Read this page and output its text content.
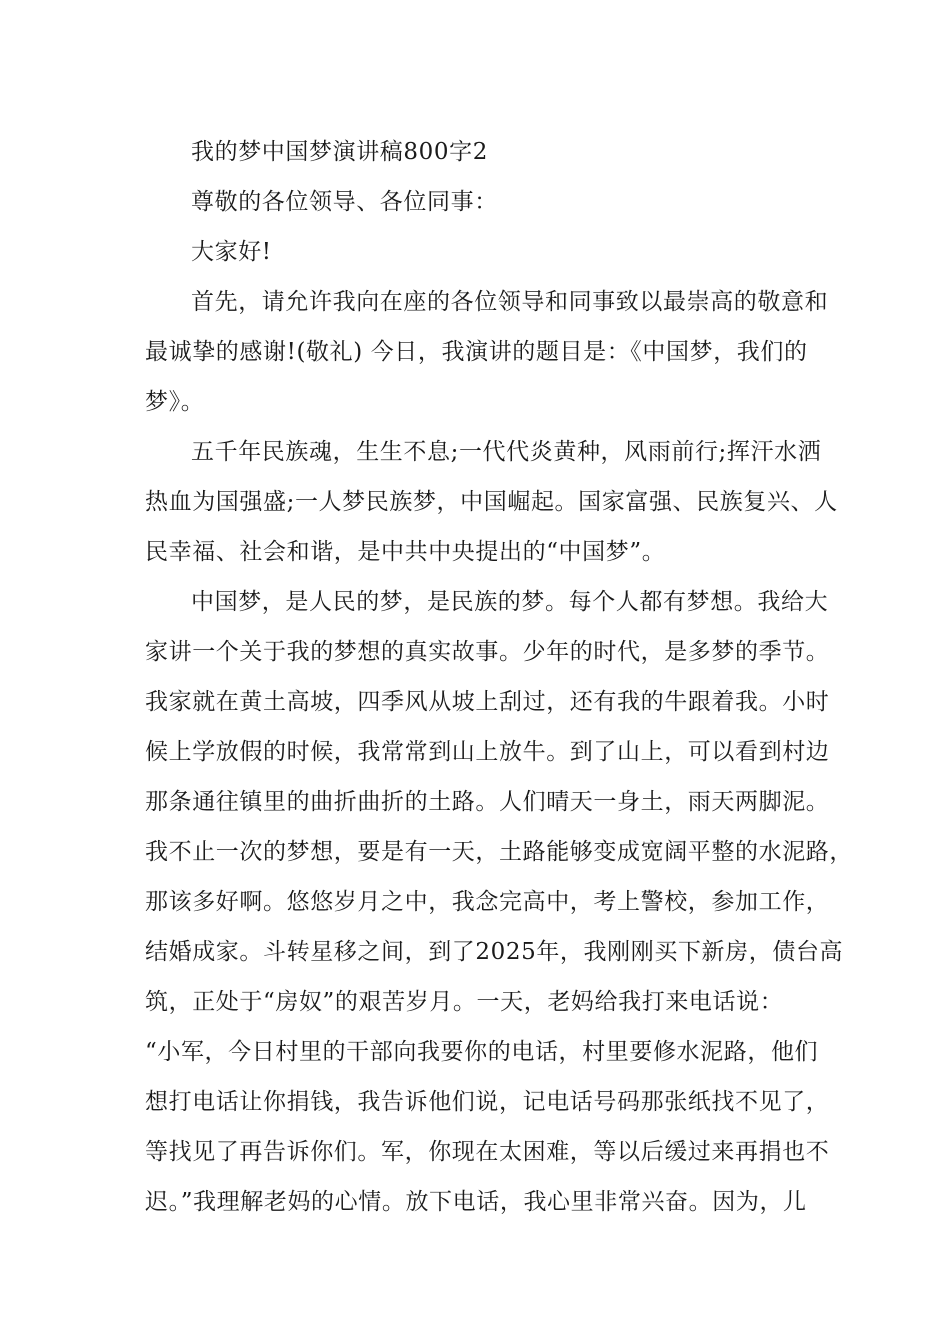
我的梦中国梦演讲稿800字2
尊敬的各位领导、各位同事：
大家好!
首先，请允许我向在座的各位领导和同事致以最崇高的敬意和
最诚挚的感谢!(敬礼) 今日，我演讲的题目是：《中国梦，我们的
梦》。
五千年民族魂，生生不息;一代代炎黄种，风雨前行;挥汗水洒
热血为国强盛;一人梦民族梦，中国崛起。国家富强、民族复兴、人
民幸福、社会和谐，是中共中央提出的“中国梦”。
中国梦，是人民的梦，是民族的梦。每个人都有梦想。我给大
家讲一个关于我的梦想的真实故事。少年的时代，是多梦的季节。
我家就在黄土高坡，四季风从坡上刮过，还有我的牛跟着我。小时
候上学放假的时候，我常常到山上放牛。到了山上，可以看到村边
那条通往镇里的曲折曲折的土路。人们晴天一身土，雨天两脚泥。
我不止一次的梦想，要是有一天，土路能够变成宽阔平整的水泥路，
那该多好啊。悠悠岁月之中，我念完高中，考上警校，参加工作，
结婚成家。斗转星移之间，到了2025年，我刚刚买下新房，债台高
筑，正处于“房奴”的艰苦岁月。一天，老妈给我打来电话说：
“小军，今日村里的干部向我要你的电话，村里要修水泥路，他们
想打电话让你捐钱，我告诉他们说，记电话号码那张纸找不见了，
等找见了再告诉你们。军，你现在太困难，等以后缓过来再捐也不
迟。”我理解老妈的心情。放下电话，我心里非常兴奋。因为，儿
